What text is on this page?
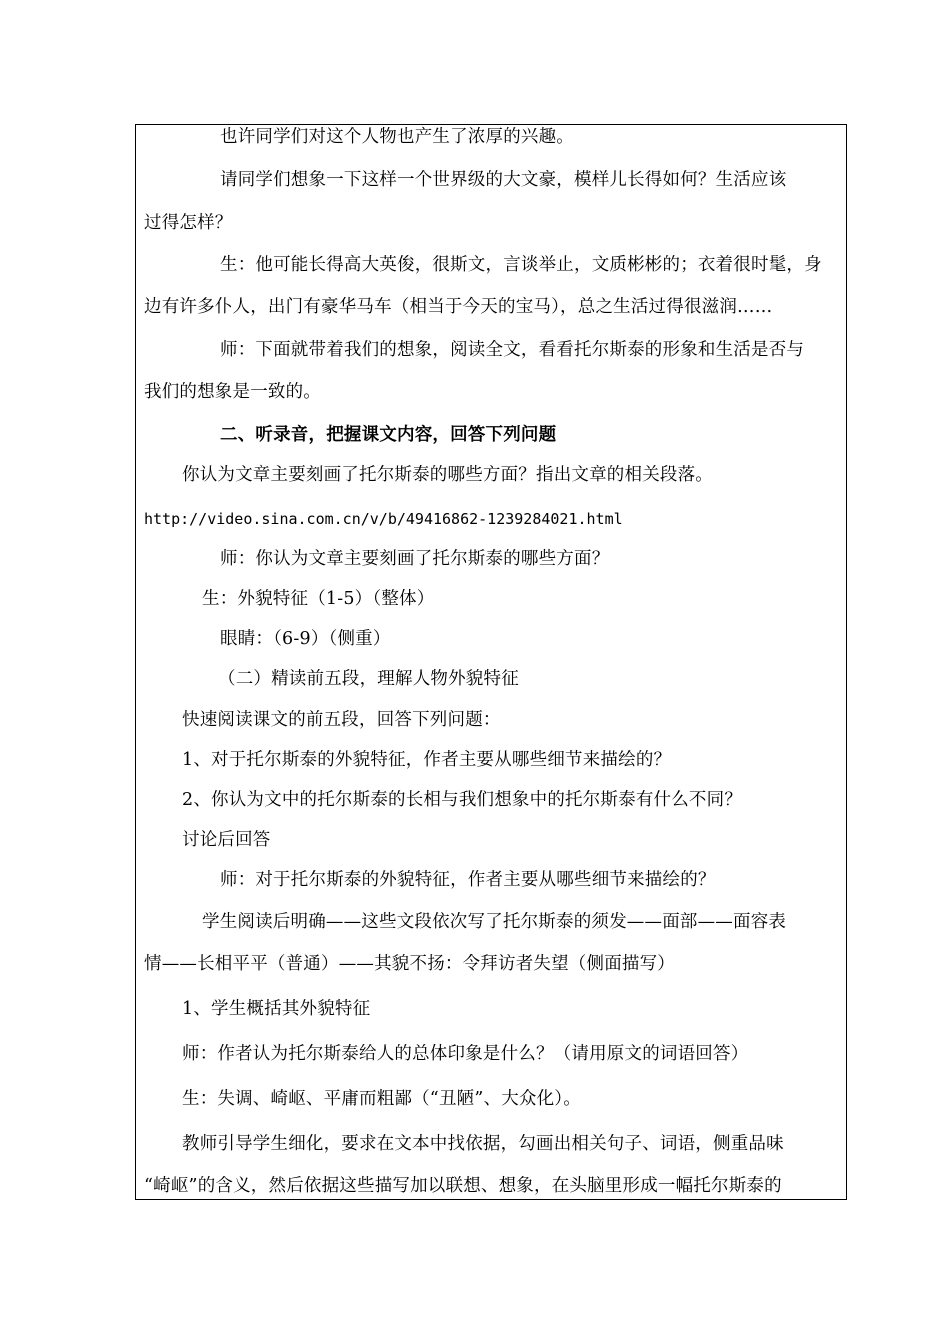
也许同学们对这个人物也产生了浓厚的兴趣。
请同学们想象一下这样一个世界级的大文豪，模样儿长得如何？生活应该
过得怎样？
生：他可能长得高大英俊，很斯文，言谈举止，文质彬彬的；衣着很时髦，身
边有许多仆人，出门有豪华马车（相当于今天的宝马），总之生活过得很滋润……
师：下面就带着我们的想象，阅读全文，看看托尔斯泰的形象和生活是否与
我们的想象是一致的。
二、听录音，把握课文内容，回答下列问题
你认为文章主要刻画了托尔斯泰的哪些方面？指出文章的相关段落。
http://video.sina.com.cn/v/b/49416862-1239284021.html
师：你认为文章主要刻画了托尔斯泰的哪些方面？
生：外貌特征（1-5）（整体）
眼睛：（6-9）（侧重）
（二）精读前五段，理解人物外貌特征
快速阅读课文的前五段，回答下列问题：
1、对于托尔斯泰的外貌特征，作者主要从哪些细节来描绘的？
2、你认为文中的托尔斯泰的长相与我们想象中的托尔斯泰有什么不同？
讨论后回答
师：对于托尔斯泰的外貌特征，作者主要从哪些细节来描绘的？
学生阅读后明确——这些文段依次写了托尔斯泰的须发——面部——面容表
情——长相平平（普通）——其貌不扬：令拜访者失望（侧面描写）
1、学生概括其外貌特征
师：作者认为托尔斯泰给人的总体印象是什么？（请用原文的词语回答）
生：失调、崎岖、平庸而粗鄙（“丑陋”、大众化）。
教师引导学生细化，要求在文本中找依据，勾画出相关句子、词语，侧重品味
“崎岖”的含义，然后依据这些描写加以联想、想象，在头脑里形成一幅托尔斯泰的
